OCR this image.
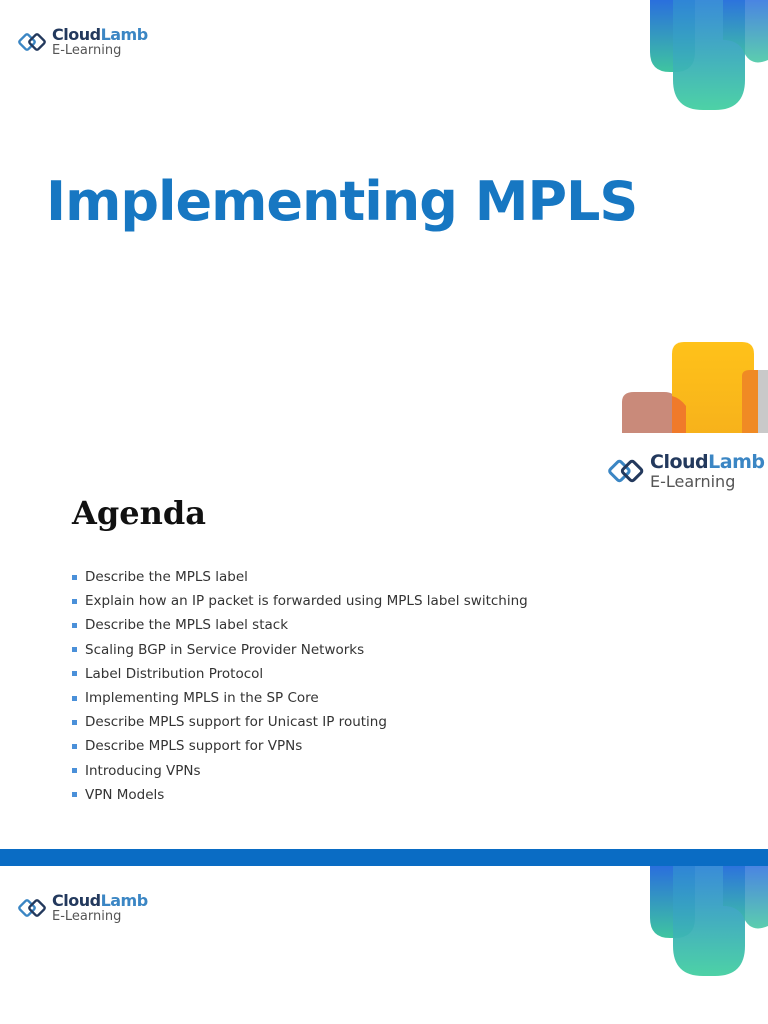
CloudLamb
E-Learning
Implementing MPLS
CloudLamb
E-Learning
Agenda
Describe the MPLS label
Explain how an IP packet is forwarded using MPLS label switching
Describe the MPLS label stack
Scaling BGP in Service Provider Networks
Label Distribution Protocol
Implementing MPLS in the SP Core
Describe MPLS support for Unicast IP routing
Describe MPLS support for VPNs
Introducing VPNs
VPN Models
CloudLamb
E-Learning
